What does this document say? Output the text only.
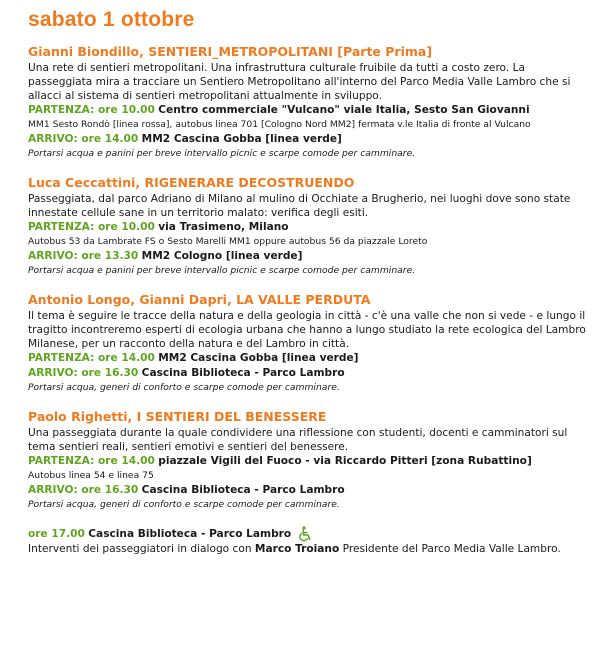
sabato 1 ottobre

Gianni Biondillo, SENTIERI_METROPOLITANI [Parte Prima]

Una rete di sentieri metropolitani. Una infrastruttura culturale fruibile da tutti a costo zero. La passeggiata mira a tracciare un Sentiero Metropolitano all'interno del Parco Media Valle Lambro che si allacci al sistema di sentieri metropolitani attualmente in sviluppo.

PARTENZA: ore 10.00 Centro commerciale "Vulcano" viale Italia, Sesto San Giovanni

MM1 Sesto Rondò [linea rossa], autobus linea 701 [Cologno Nord MM2] fermata v.le Italia di fronte al Vulcano

ARRIVO: ore 14.00 MM2 Cascina Gobba [linea verde]

Portarsi acqua e panini per breve intervallo picnic e scarpe comode per camminare.

Luca Ceccattini, RIGENERARE DECOSTRUENDO

Passeggiata, dal parco Adriano di Milano al mulino di Occhiate a Brugherio, nei luoghi dove sono state innestate cellule sane in un territorio malato: verifica degli esiti.

PARTENZA: ore 10.00 via Trasimeno, Milano

Autobus 53 da Lambrate FS o Sesto Marelli MM1 oppure autobus 56 da piazzale Loreto

ARRIVO: ore 13.30 MM2 Cologno [linea verde]

Portarsi acqua e panini per breve intervallo picnic e scarpe comode per camminare.

Antonio Longo, Gianni Dapri, LA VALLE PERDUTA

Il tema è seguire le tracce della natura e della geologia in città - c'è una valle che non si vede - e lungo il tragitto incontreremo esperti di ecologia urbana che hanno a lungo studiato la rete ecologica del Lambro Milanese, per un racconto della natura e del Lambro in città.

PARTENZA: ore 14.00 MM2 Cascina Gobba [linea verde]

ARRIVO: ore 16.30 Cascina Biblioteca - Parco Lambro

Portarsi acqua, generi di conforto e scarpe comode per camminare.

Paolo Righetti, I SENTIERI DEL BENESSERE

Una passeggiata durante la quale condividere una riflessione con studenti, docenti e camminatori sul tema sentieri reali, sentieri emotivi e sentieri del benessere.

PARTENZA: ore 14.00 piazzale Vigili del Fuoco - via Riccardo Pitteri [zona Rubattino]

Autobus linea 54 e linea 75

ARRIVO: ore 16.30 Cascina Biblioteca - Parco Lambro

Portarsi acqua, generi di conforto e scarpe comode per camminare.

ore 17.00
Cascina Biblioteca - Parco Lambro

Interventi dei passeggiatori in dialogo con Marco Troiano Presidente del Parco Media Valle Lambro.
